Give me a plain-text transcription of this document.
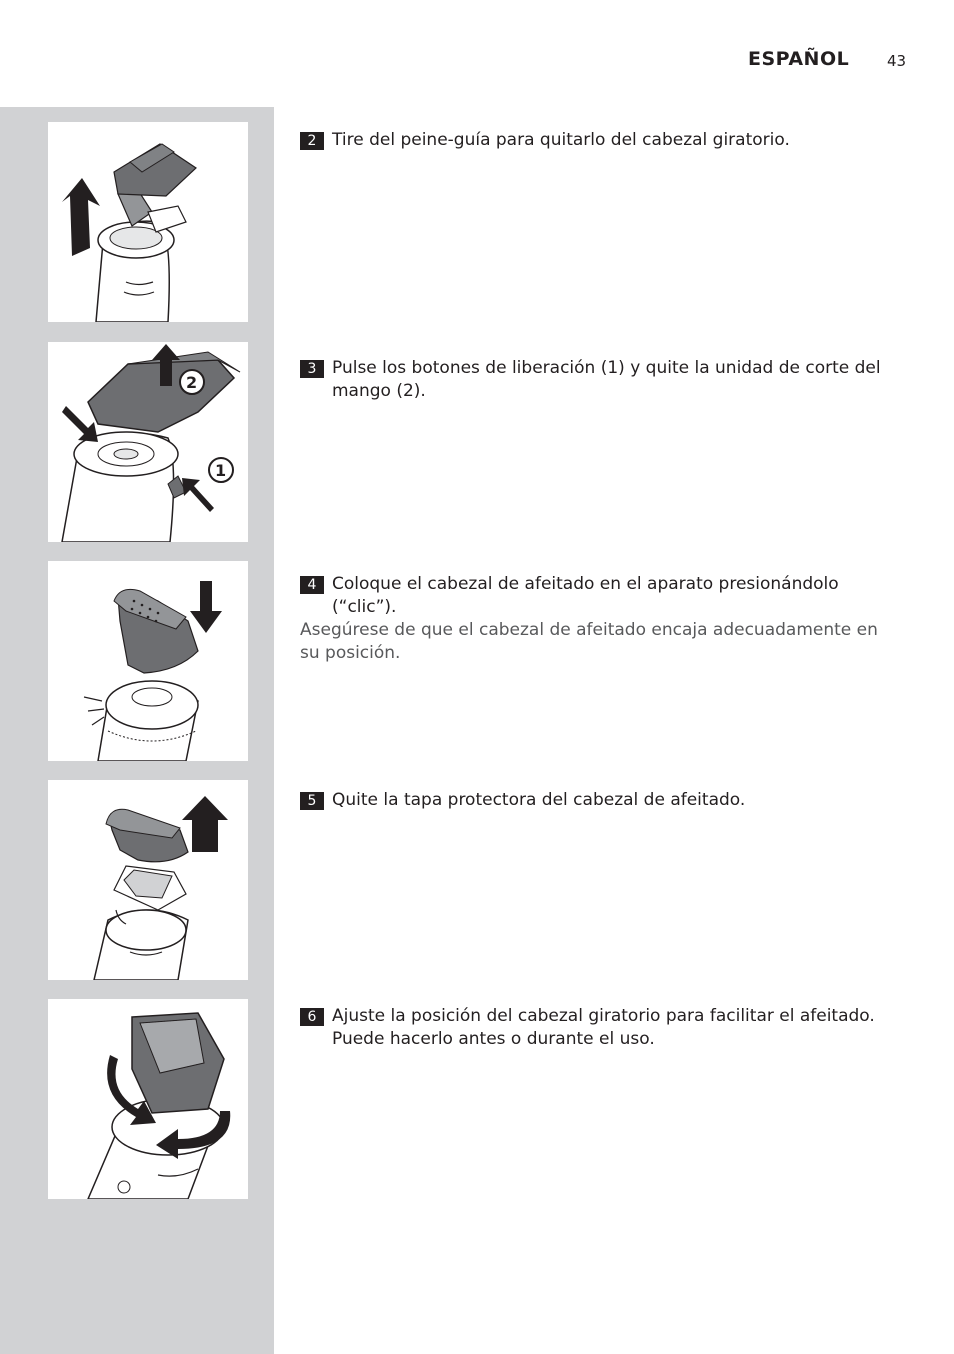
ESPAÑOL	43
2
1
2 Tire del peine-guía para quitarlo del cabezal giratorio.
3 Pulse los botones de liberación (1) y quite la unidad de corte del mango (2).
4 Coloque el cabezal de afeitado en el aparato presionándolo (“clic”).
Asegúrese de que el cabezal de afeitado encaja adecuadamente en su posición.
5 Quite la tapa protectora del cabezal de afeitado.
6 Ajuste la posición del cabezal giratorio para facilitar el afeitado. Puede hacerlo antes o durante el uso.
